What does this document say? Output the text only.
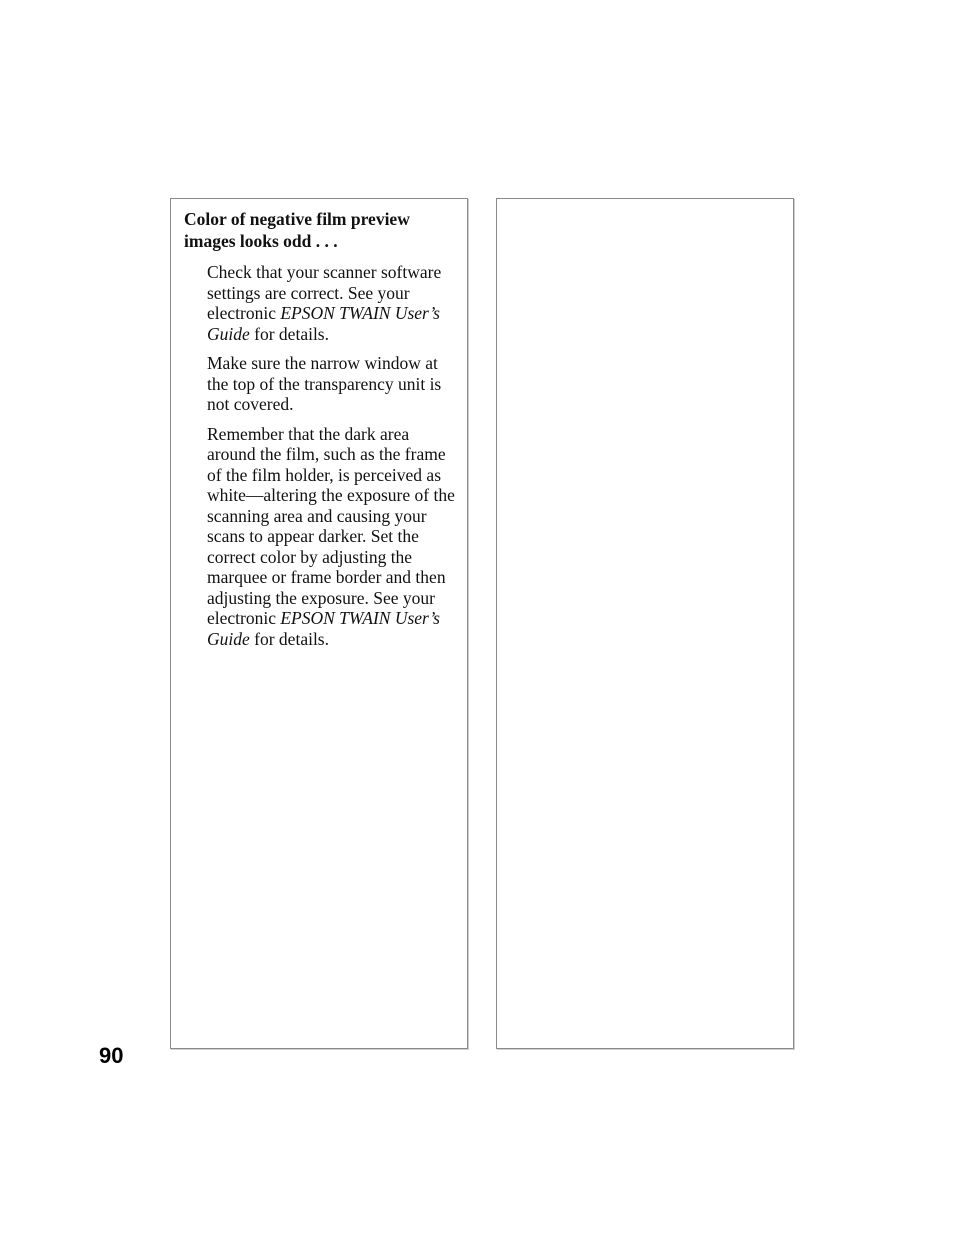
Color of negative film preview images looks odd . . .

Check that your scanner software settings are correct. See your electronic EPSON TWAIN User’s Guide for details.

Make sure the narrow window at the top of the transparency unit is not covered.

Remember that the dark area around the film, such as the frame of the film holder, is perceived as white—altering the exposure of the scanning area and causing your scans to appear darker. Set the correct color by adjusting the marquee or frame border and then adjusting the exposure. See your electronic EPSON TWAIN User’s Guide for details.

90
